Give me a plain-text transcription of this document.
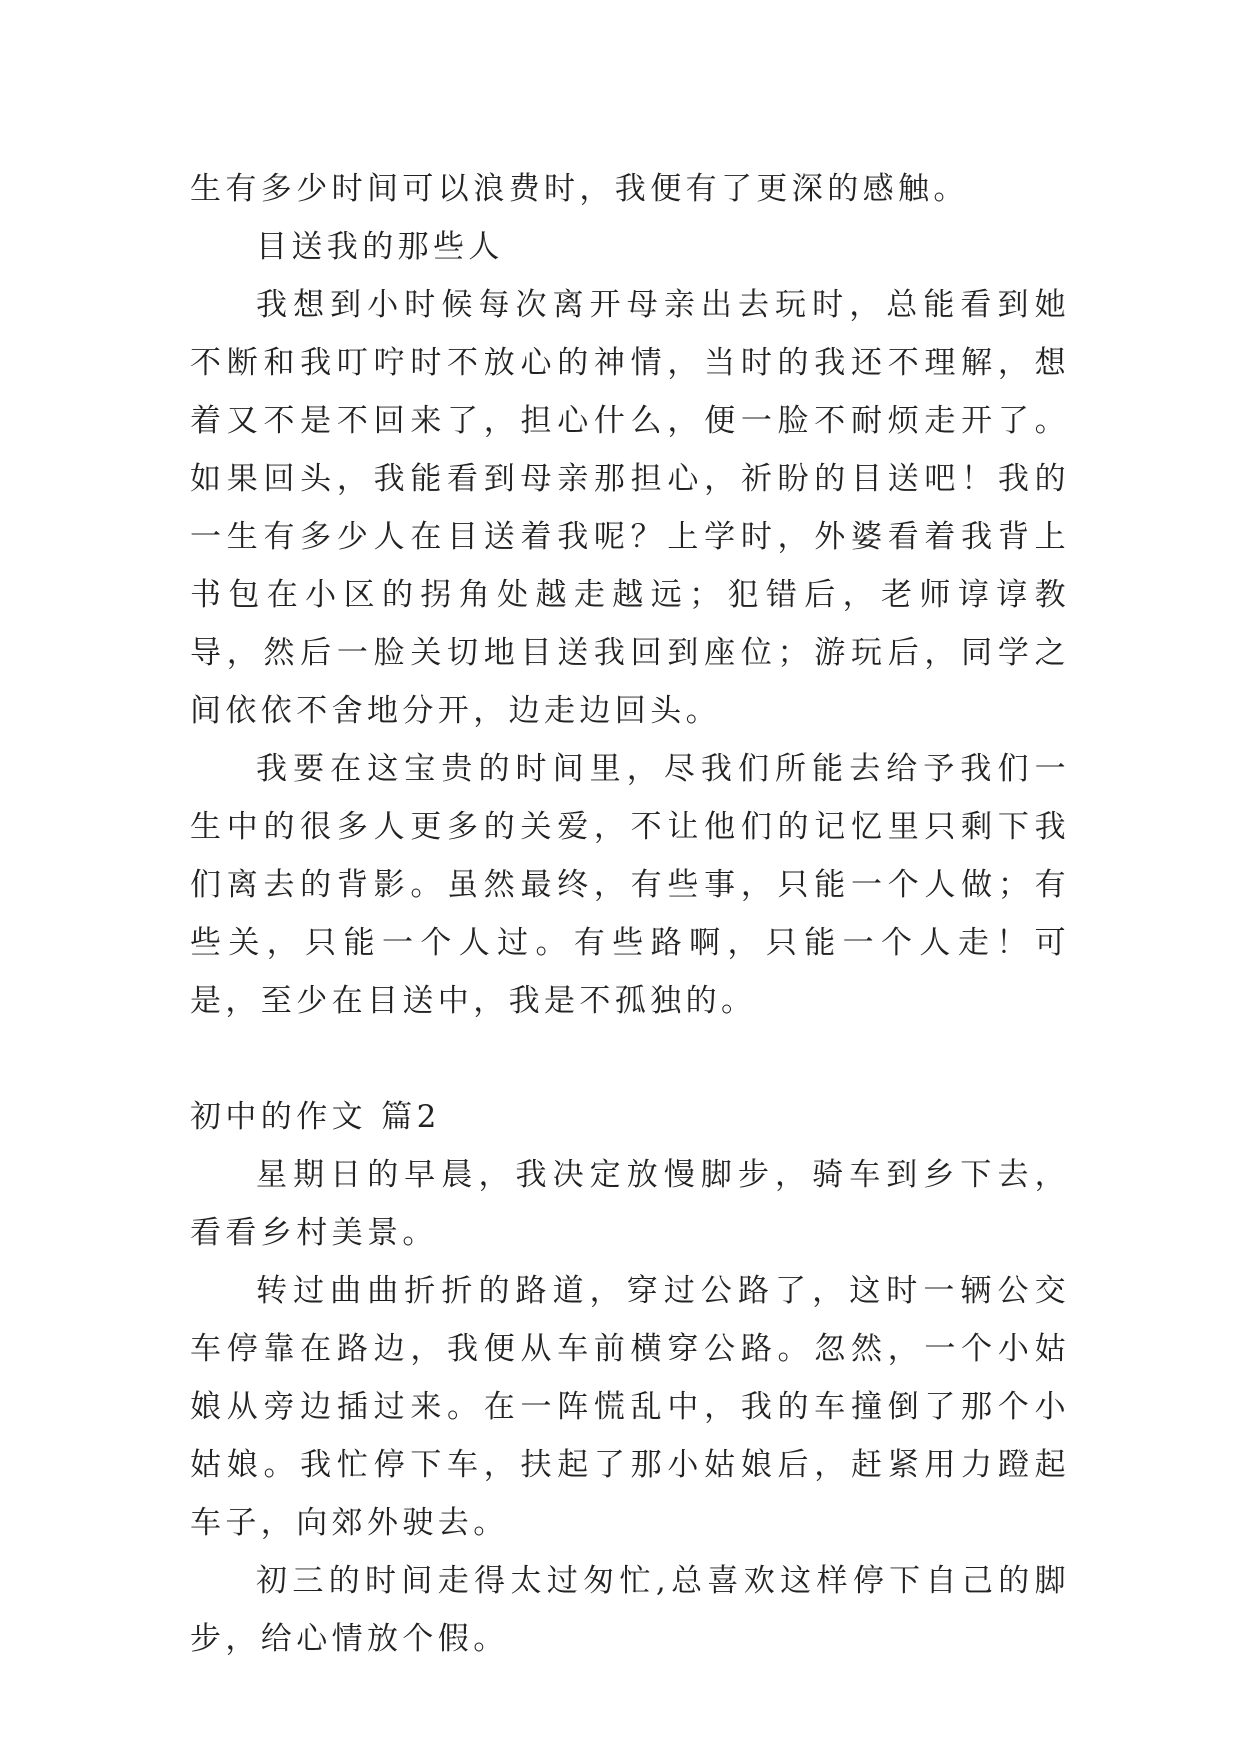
生有多少时间可以浪费时，我便有了更深的感触。

目送我的那些人

我想到小时候每次离开母亲出去玩时，总能看到她不断和我叮咛时不放心的神情，当时的我还不理解，想着又不是不回来了，担心什么，便一脸不耐烦走开了。如果回头，我能看到母亲那担心，祈盼的目送吧！我的一生有多少人在目送着我呢？上学时，外婆看着我背上书包在小区的拐角处越走越远；犯错后，老师谆谆教导，然后一脸关切地目送我回到座位；游玩后，同学之间依依不舍地分开，边走边回头。

我要在这宝贵的时间里，尽我们所能去给予我们一生中的很多人更多的关爱，不让他们的记忆里只剩下我们离去的背影。虽然最终，有些事，只能一个人做；有些关，只能一个人过。有些路啊，只能一个人走！可是，至少在目送中，我是不孤独的。

初中的作文 篇2

星期日的早晨，我决定放慢脚步，骑车到乡下去，看看乡村美景。

转过曲曲折折的路道，穿过公路了，这时一辆公交车停靠在路边，我便从车前横穿公路。忽然，一个小姑娘从旁边插过来。在一阵慌乱中，我的车撞倒了那个小姑娘。我忙停下车，扶起了那小姑娘后，赶紧用力蹬起车子，向郊外驶去。

初三的时间走得太过匆忙,总喜欢这样停下自己的脚步，给心情放个假。
